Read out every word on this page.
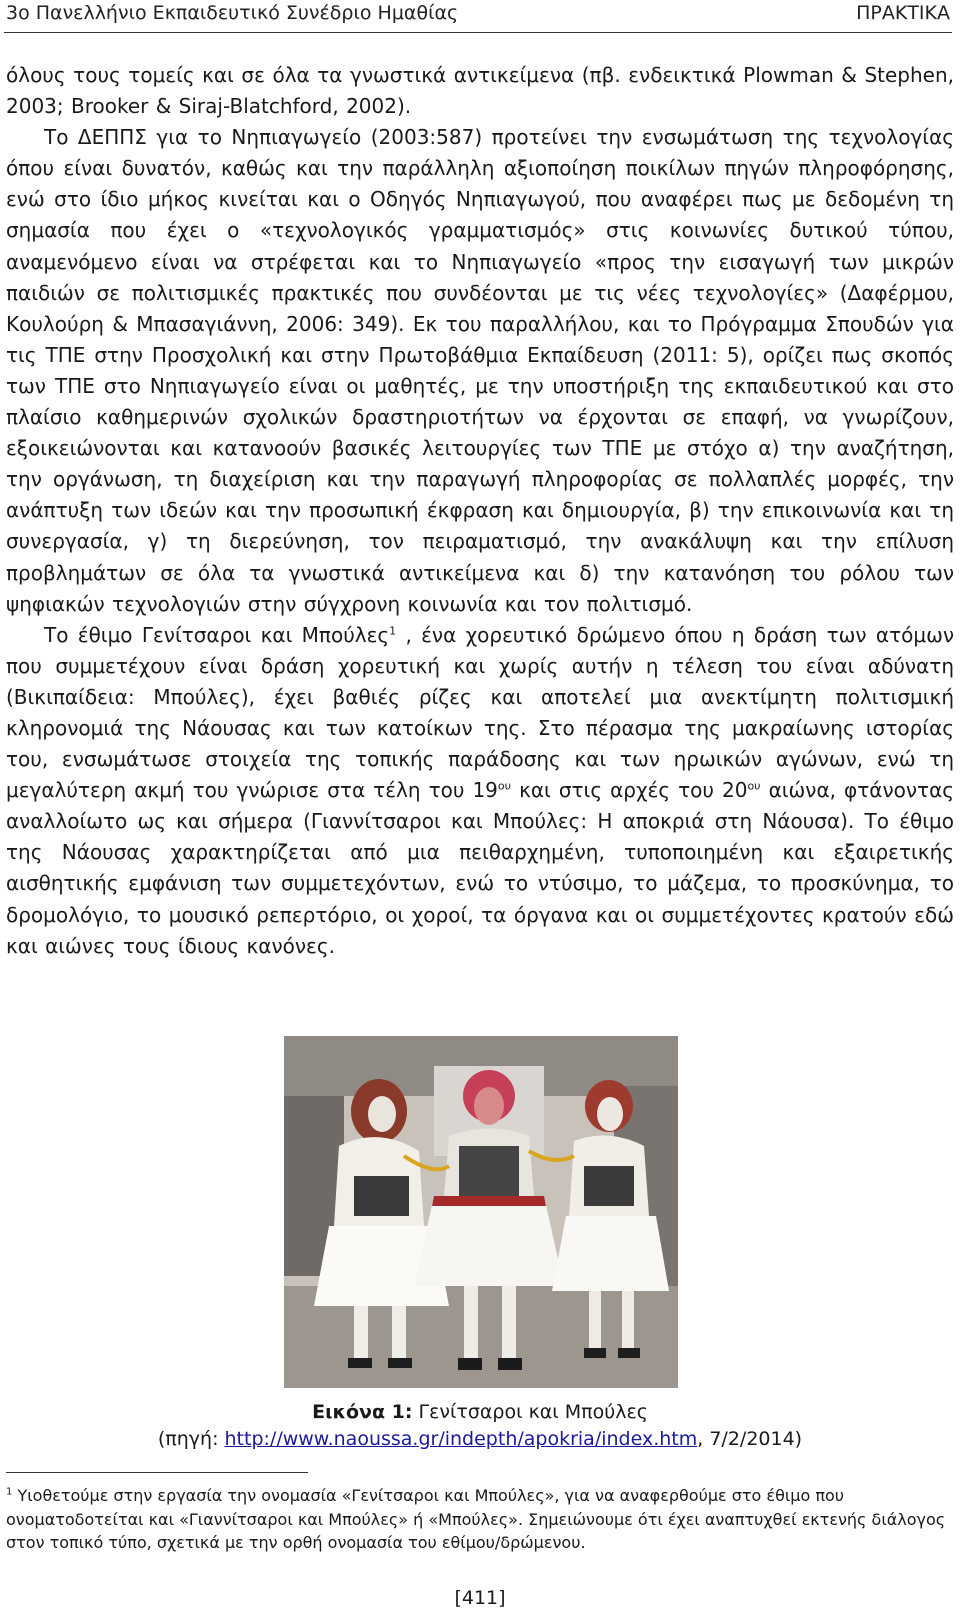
3ο Πανελλήνιο Εκπαιδευτικό Συνέδριο Ημαθίας	ΠΡΑΚΤΙΚΑ

όλους τους τομείς και σε όλα τα γνωστικά αντικείμενα (πβ. ενδεικτικά Plowman & Stephen, 2003; Brooker & Siraj-Blatchford, 2002).

Το ΔΕΠΠΣ για το Νηπιαγωγείο (2003:587) προτείνει την ενσωμάτωση της τεχνολογίας όπου είναι δυνατόν, καθώς και την παράλληλη αξιοποίηση ποικίλων πηγών πληροφόρησης, ενώ στο ίδιο μήκος κινείται και ο Οδηγός Νηπιαγωγού, που αναφέρει πως με δεδομένη τη σημασία που έχει ο «τεχνολογικός γραμματισμός» στις κοινωνίες δυτικού τύπου, αναμενόμενο είναι να στρέφεται και το Νηπιαγωγείο «προς την εισαγωγή των μικρών παιδιών σε πολιτισμικές πρακτικές που συνδέονται με τις νέες τεχνολογίες» (Δαφέρμου, Κουλούρη & Μπασαγιάννη, 2006: 349). Εκ του παραλλήλου, και το Πρόγραμμα Σπουδών για τις ΤΠΕ στην Προσχολική και στην Πρωτοβάθμια Εκπαίδευση (2011: 5), ορίζει πως σκοπός των ΤΠΕ στο Νηπιαγωγείο είναι οι μαθητές, με την υποστήριξη της εκπαιδευτικού και στο πλαίσιο καθημερινών σχολικών δραστηριοτήτων να έρχονται σε επαφή, να γνωρίζουν, εξοικειώνονται και κατανοούν βασικές λειτουργίες των ΤΠΕ με στόχο α) την αναζήτηση, την οργάνωση, τη διαχείριση και την παραγωγή πληροφορίας σε πολλαπλές μορφές, την ανάπτυξη των ιδεών και την προσωπική έκφραση και δημιουργία, β) την επικοινωνία και τη συνεργασία, γ) τη διερεύνηση, τον πειραματισμό, την ανακάλυψη και την επίλυση προβλημάτων σε όλα τα γνωστικά αντικείμενα και δ) την κατανόηση του ρόλου των ψηφιακών τεχνολογιών στην σύγχρονη κοινωνία και τον πολιτισμό.

Το έθιμο Γενίτσαροι και Μπούλες$^1$ , ένα χορευτικό δρώμενο όπου η δράση των ατόμων που συμμετέχουν είναι δράση χορευτική και χωρίς αυτήν η τέλεση του είναι αδύνατη (Βικιπαίδεια: Μπούλες), έχει βαθιές ρίζες και αποτελεί μια ανεκτίμητη πολιτισμική κληρονομιά της Νάουσας και των κατοίκων της. Στο πέρασμα της μακραίωνης ιστορίας του, ενσωμάτωσε στοιχεία της τοπικής παράδοσης και των ηρωικών αγώνων, ενώ τη μεγαλύτερη ακμή του γνώρισε στα τέλη του $19^{o\upsilon}$ και στις αρχές του $20^{o\upsilon}$ αιώνα, φτάνοντας αναλλοίωτο ως και σήμερα (Γιαννίτσαροι και Μπούλες: Η αποκριά στη Νάουσα). Το έθιμο της Νάουσας χαρακτηρίζεται από μια πειθαρχημένη, τυποποιημένη και εξαιρετικής αισθητικής εμφάνιση των συμμετεχόντων, ενώ το ντύσιμο, το μάζεμα, το προσκύνημα, το δρομολόγιο, το μουσικό ρεπερτόριο, οι χοροί, τα όργανα και οι συμμετέχοντες κρατούν εδώ και αιώνες τους ίδιους κανόνες.

Εικόνα 1: Γενίτσαροι και Μπούλες
(πηγή: http://www.naoussa.gr/indepth/apokria/index.htm, 7/2/2014)
$^1$ Υιοθετούμε στην εργασία την ονομασία «Γενίτσαροι και Μπούλες», για να αναφερθούμε στο έθιμο που ονοματοδοτείται και «Γιαννίτσαροι και Μπούλες» ή «Μπούλες». Σημειώνουμε ότι έχει αναπτυχθεί εκτενής διάλογος στον τοπικό τύπο, σχετικά με την ορθή ονομασία του εθίμου/δρώμενου.
[411]
